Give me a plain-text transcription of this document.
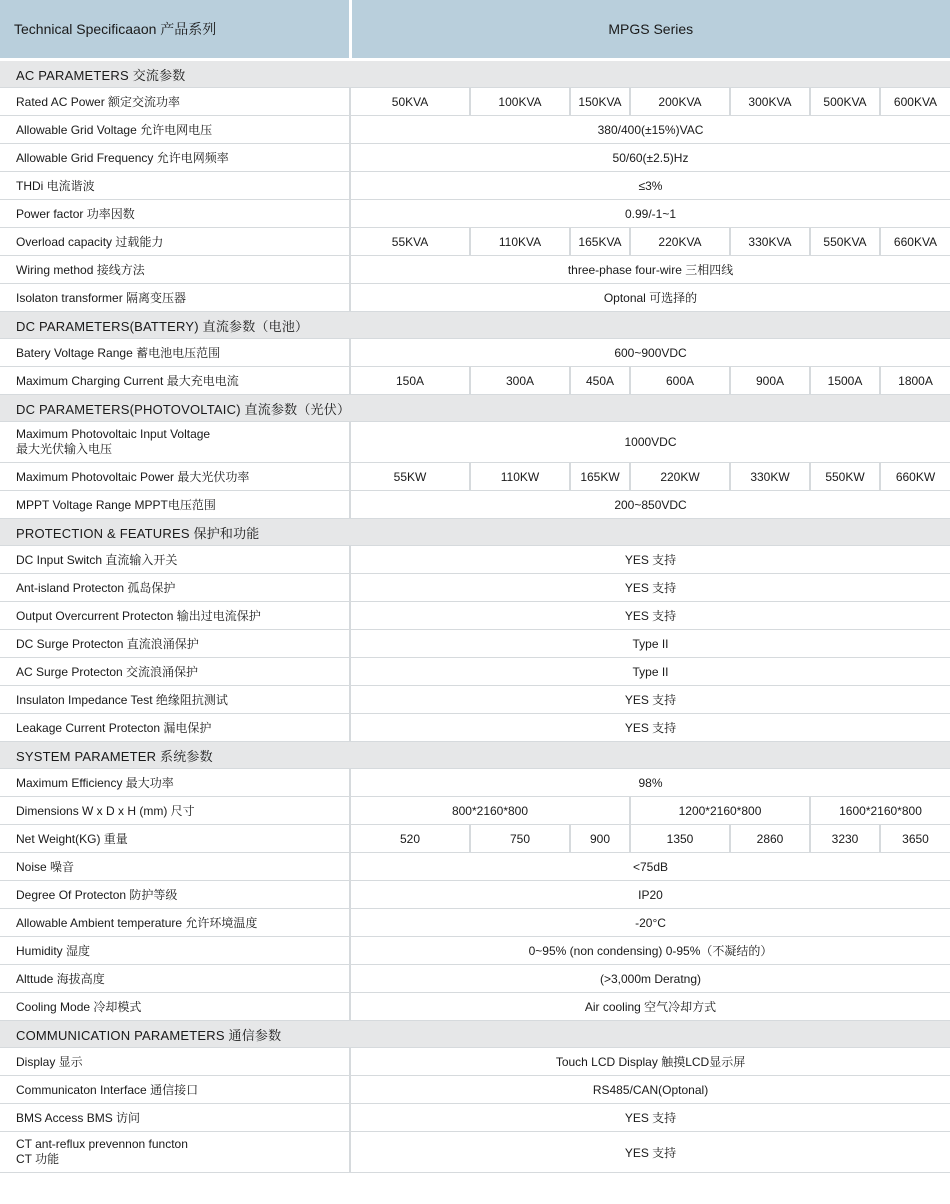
Technical Specificaaon 产品系列	MPGS Series						
AC PARAMETERS 交流参数							
Rated AC Power 额定交流功率	50KVA	100KVA	150KVA	200KVA	300KVA	500KVA	600KVA
Allowable Grid Voltage 允许电网电压	380/400(±15%)VAC						
Allowable Grid Frequency 允许电网频率	50/60(±2.5)Hz						
THDi 电流谐波	≤3%						
Power factor 功率因数	0.99/-1~1						
Overload capacity 过载能力	55KVA	110KVA	165KVA	220KVA	330KVA	550KVA	660KVA
Wiring method 接线方法	three-phase four-wire 三相四线						
Isolaton transformer 隔离变压器	Optonal 可选择的						
DC PARAMETERS(BATTERY) 直流参数（电池）							
Batery Voltage Range 蓄电池电压范围	600~900VDC						
Maximum Charging Current 最大充电电流	150A	300A	450A	600A	900A	1500A	1800A
DC PARAMETERS(PHOTOVOLTAIC) 直流参数（光伏）							

Maximum Photovoltaic Input Voltage
最大光伏输入电压	1000VDC						
Maximum Photovoltaic Power 最大光伏功率	55KW	110KW	165KW	220KW	330KW	550KW	660KW
MPPT Voltage Range MPPT电压范围	200~850VDC						
PROTECTION & FEATURES 保护和功能							
DC Input Switch 直流输入开关	YES 支持						
Ant-island Protecton 孤岛保护	YES 支持						
Output Overcurrent Protecton 输出过电流保护	YES 支持						
DC Surge Protecton 直流浪涌保护	Type II						
AC Surge Protecton 交流浪涌保护	Type II						
Insulaton Impedance Test 绝缘阻抗测试	YES 支持						
Leakage Current Protecton 漏电保护	YES 支持						
SYSTEM PARAMETER 系统参数							
Maximum Efficiency 最大功率	98%						
Dimensions W x D x H (mm) 尺寸	800*2160*800			1200*2160*800		1600*2160*800	
Net Weight(KG) 重量	520	750	900	1350	2860	3230	3650
Noise 噪音	<75dB						
Degree Of Protecton 防护等级	IP20						
Allowable Ambient temperature 允许环境温度	-20°C						
Humidity 湿度	0~95% (non condensing) 0-95%（不凝结的）						
Alttude 海拔高度	(>3,000m Deratng)						
Cooling Mode 冷却模式	Air cooling 空气冷却方式						
COMMUNICATION PARAMETERS 通信参数							
Display 显示	Touch LCD Display 触摸LCD显示屏						
Communicaton Interface 通信接口	RS485/CAN(Optonal)						
BMS Access BMS 访问	YES 支持						

CT ant-reflux prevennon functon
CT 功能	YES 支持						
